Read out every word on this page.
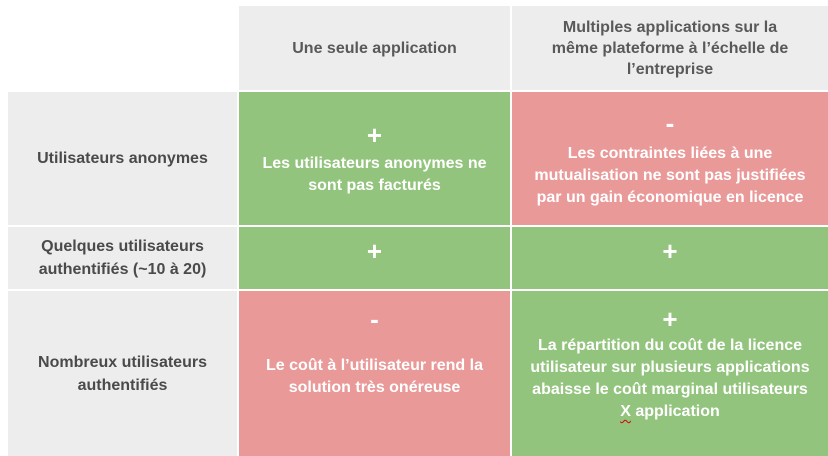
Une seule application
Multiples applications sur la
même plateforme à l’échelle de
l’entreprise
Utilisateurs anonymes
+
Les utilisateurs anonymes ne
sont pas facturés
-
Les contraintes liées à une
mutualisation ne sont pas justifiées
par un gain économique en licence
Quelques utilisateurs
authentifiés (~10 à 20)
+	+
Nombreux utilisateurs
authentifiés
-
Le coût à l’utilisateur rend la
solution très onéreuse
+
La répartition du coût de la licence
utilisateur sur plusieurs applications
abaisse le coût marginal utilisateurs
X application
